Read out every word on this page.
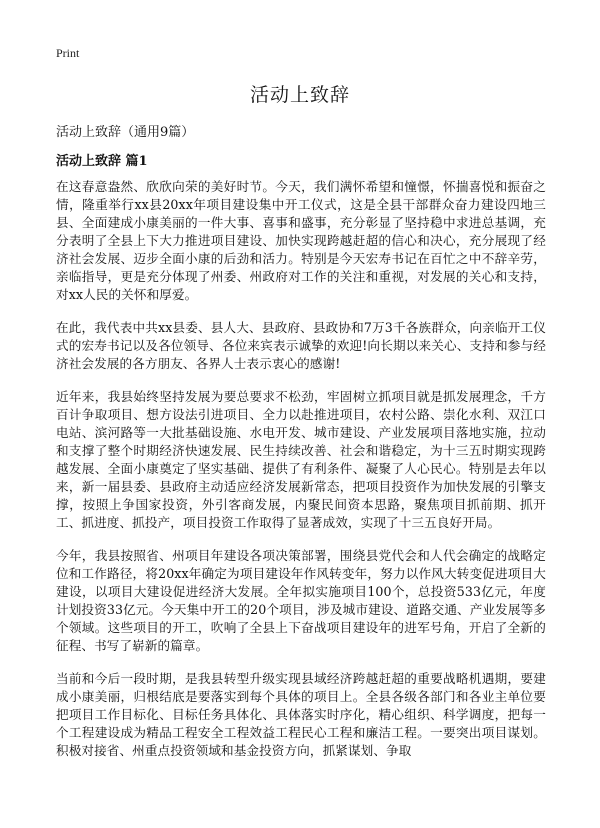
Print
活动上致辞
活动上致辞（通用9篇）
活动上致辞 篇1

在这春意盎然、欣欣向荣的美好时节。今天，我们满怀希望和憧憬，怀揣喜悦和振奋之情，隆重举行xx县20xx年项目建设集中开工仪式，这是全县干部群众奋力建设四地三县、全面建成小康美丽的一件大事、喜事和盛事，充分彰显了坚持稳中求进总基调，充分表明了全县上下大力推进项目建设、加快实现跨越赶超的信心和决心，充分展现了经济社会发展、迈步全面小康的后劲和活力。特别是今天宏寿书记在百忙之中不辞辛劳，亲临指导，更是充分体现了州委、州政府对工作的关注和重视，对发展的关心和支持，对xx人民的关怀和厚爱。

在此，我代表中共xx县委、县人大、县政府、县政协和7万3千各族群众，向亲临开工仪式的宏寿书记以及各位领导、各位来宾表示诚挚的欢迎!向长期以来关心、支持和参与经济社会发展的各方朋友、各界人士表示衷心的感谢!

近年来，我县始终坚持发展为要总要求不松劲，牢固树立抓项目就是抓发展理念，千方百计争取项目、想方设法引进项目、全力以赴推进项目，农村公路、崇化水利、双江口电站、滨河路等一大批基础设施、水电开发、城市建设、产业发展项目落地实施，拉动和支撑了整个时期经济快速发展、民生持续改善、社会和谐稳定，为十三五时期实现跨越发展、全面小康奠定了坚实基础、提供了有利条件、凝聚了人心民心。特别是去年以来，新一届县委、县政府主动适应经济发展新常态，把项目投资作为加快发展的引擎支撑，按照上争国家投资，外引客商发展，内聚民间资本思路，聚焦项目抓前期、抓开工、抓进度、抓投产，项目投资工作取得了显著成效，实现了十三五良好开局。

今年，我县按照省、州项目年建设各项决策部署，围绕县党代会和人代会确定的战略定位和工作路径，将20xx年确定为项目建设年作风转变年，努力以作风大转变促进项目大建设，以项目大建设促进经济大发展。全年拟实施项目100个，总投资533亿元，年度计划投资33亿元。今天集中开工的20个项目，涉及城市建设、道路交通、产业发展等多个领域。这些项目的开工，吹响了全县上下奋战项目建设年的进军号角，开启了全新的征程、书写了崭新的篇章。

当前和今后一段时期，是我县转型升级实现县域经济跨越赶超的重要战略机遇期，要建成小康美丽，归根结底是要落实到每个具体的项目上。全县各级各部门和各业主单位要把项目工作目标化、目标任务具体化、具体落实时序化，精心组织、科学调度，把每一个工程建设成为精品工程安全工程效益工程民心工程和廉洁工程。一要突出项目谋划。积极对接省、州重点投资领域和基金投资方向，抓紧谋划、争取
